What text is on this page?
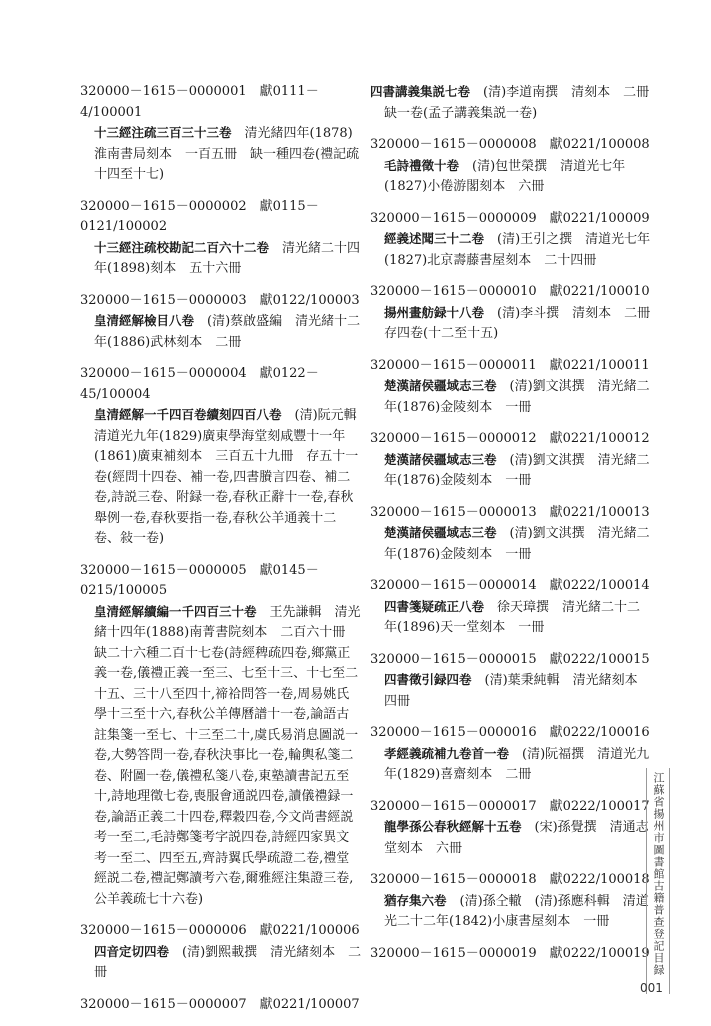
320000－1615－0000001　獻0111－4/100001
十三經注疏三百三十三卷　清光緒四年(1878)淮南書局刻本　一百五冊　缺一種四卷(禮記疏十四至十七)

320000－1615－0000002　獻0115－0121/100002
十三經注疏校勘記二百六十二卷　清光緒二十四年(1898)刻本　五十六冊

320000－1615－0000003　獻0122/100003
皇清經解檢目八卷　(清)蔡啟盛編　清光緒十二年(1886)武林刻本　二冊

320000－1615－0000004　獻0122－45/100004
皇清經解一千四百卷續刻四百八卷　(清)阮元輯　清道光九年(1829)廣東學海堂刻咸豐十一年(1861)廣東補刻本　三百五十九冊　存五十一卷(經問十四卷、補一卷,四書賸言四卷、補二卷,詩説三卷、附録一卷,春秋正辭十一卷,春秋舉例一卷,春秋要指一卷,春秋公羊通義十二卷、敍一卷)

320000－1615－0000005　獻0145－0215/100005
皇清經解續編一千四百三十卷　王先謙輯　清光緒十四年(1888)南菁書院刻本　二百六十冊　缺二十六種二百十七卷(詩經稗疏四卷,鄉黨正義一卷,儀禮正義一至三、七至十三、十七至二十五、三十八至四十,禘祫問答一卷,周易姚氏學十三至十六,春秋公羊傳曆譜十一卷,論語古註集箋一至七、十三至二十,虞氏易消息圖説一卷,大勢答問一卷,春秋決事比一卷,輪輿私箋二卷、附圖一卷,儀禮私箋八卷,東塾讀書記五至十,詩地理徵七卷,喪服會通説四卷,讀儀禮録一卷,論語正義二十四卷,釋穀四卷,今文尚書經説考一至二,毛詩鄭箋考字説四卷,詩經四家異文考一至二、四至五,齊詩翼氏學疏證二卷,禮堂經説二卷,禮記鄭讀考六卷,爾雅經注集證三卷,公羊義疏七十六卷)

320000－1615－0000006　獻0221/100006
四音定切四卷　(清)劉熙載撰　清光緒刻本　二冊

320000－1615－0000007　獻0221/100007

四書講義集説七卷　(清)李道南撰　清刻本　二冊　缺一卷(孟子講義集説一卷)

320000－1615－0000008　獻0221/100008
毛詩禮徵十卷　(清)包世榮撰　清道光七年(1827)小倦游閣刻本　六冊

320000－1615－0000009　獻0221/100009
經義述聞三十二卷　(清)王引之撰　清道光七年(1827)北京壽藤書屋刻本　二十四冊

320000－1615－0000010　獻0221/100010
揚州畫舫録十八卷　(清)李斗撰　清刻本　二冊　存四卷(十二至十五)

320000－1615－0000011　獻0221/100011
楚漢諸侯疆域志三卷　(清)劉文淇撰　清光緒二年(1876)金陵刻本　一冊

320000－1615－0000012　獻0221/100012
楚漢諸侯疆域志三卷　(清)劉文淇撰　清光緒二年(1876)金陵刻本　一冊

320000－1615－0000013　獻0221/100013
楚漢諸侯疆域志三卷　(清)劉文淇撰　清光緒二年(1876)金陵刻本　一冊

320000－1615－0000014　獻0222/100014
四書箋疑疏正八卷　徐天璋撰　清光緒二十二年(1896)天一堂刻本　一冊

320000－1615－0000015　獻0222/100015
四書徵引録四卷　(清)葉秉純輯　清光緒刻本　四冊

320000－1615－0000016　獻0222/100016
孝經義疏補九卷首一卷　(清)阮福撰　清道光九年(1829)喜齋刻本　二冊

320000－1615－0000017　獻0222/100017
龍學孫公春秋經解十五卷　(宋)孫覺撰　清通志堂刻本　六冊

320000－1615－0000018　獻0222/100018
猶存集六卷　(清)孫仝轍　(清)孫應科輯　清道光二十二年(1842)小康書屋刻本　一冊

320000－1615－0000019　獻0222/100019 江蘇省揚州市圖書館古籍普查登記目録
001
